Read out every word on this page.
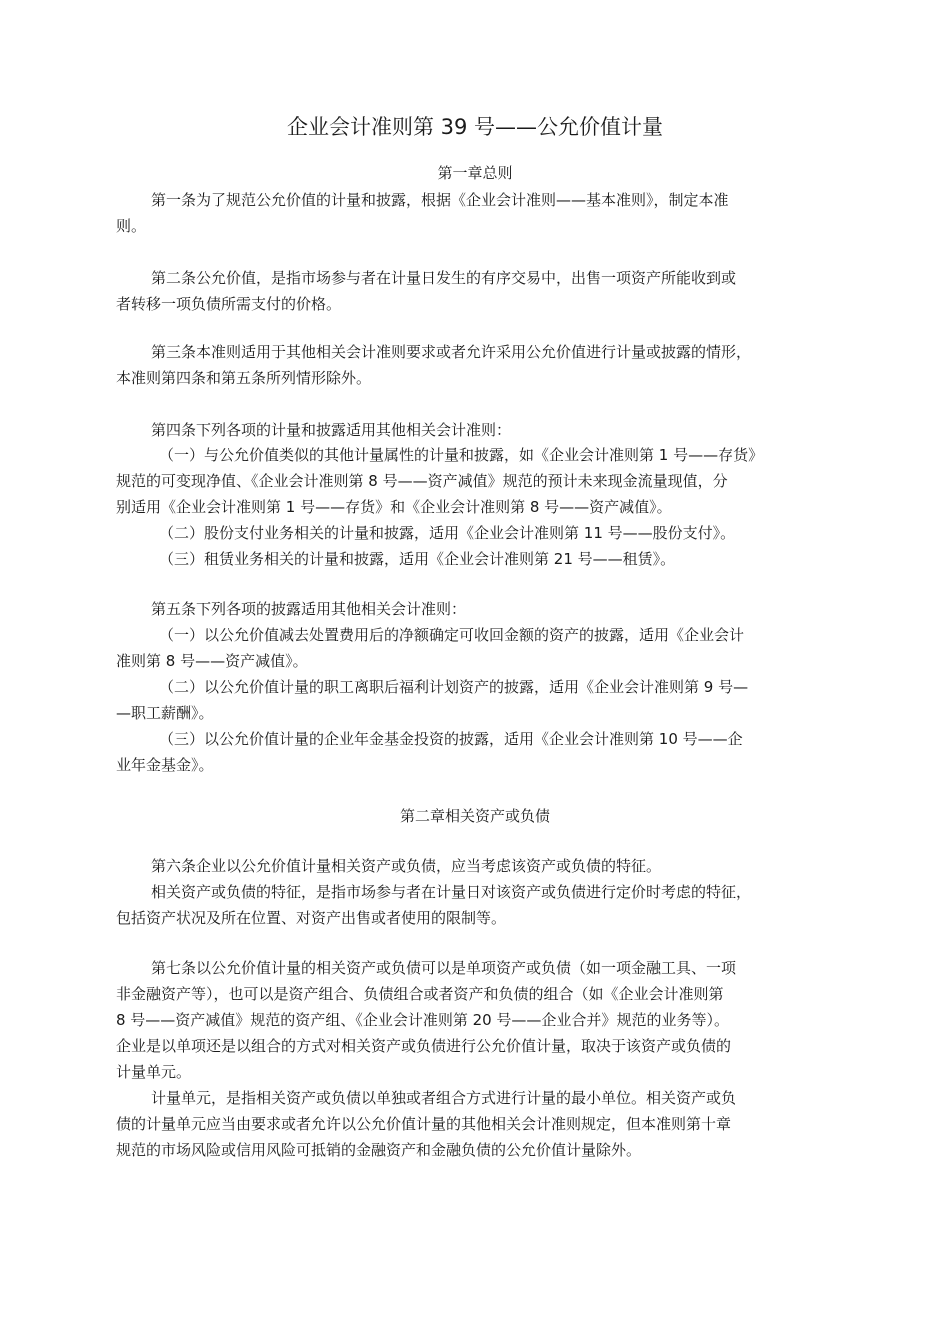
企业会计准则第 39 号——公允价值计量
第一章总则
第一条为了规范公允价值的计量和披露，根据《企业会计准则——基本准则》，制定本准
则。
第二条公允价值，是指市场参与者在计量日发生的有序交易中，出售一项资产所能收到或
者转移一项负债所需支付的价格。
第三条本准则适用于其他相关会计准则要求或者允许采用公允价值进行计量或披露的情形，
本准则第四条和第五条所列情形除外。
第四条下列各项的计量和披露适用其他相关会计准则：
（一）与公允价值类似的其他计量属性的计量和披露，如《企业会计准则第 1 号——存货》
规范的可变现净值、《企业会计准则第 8 号——资产减值》规范的预计未来现金流量现值，分
别适用《企业会计准则第 1 号——存货》和《企业会计准则第 8 号——资产减值》。
（二）股份支付业务相关的计量和披露，适用《企业会计准则第 11 号——股份支付》。
（三）租赁业务相关的计量和披露，适用《企业会计准则第 21 号——租赁》。
第五条下列各项的披露适用其他相关会计准则：
（一）以公允价值减去处置费用后的净额确定可收回金额的资产的披露，适用《企业会计
准则第 8 号——资产减值》。
（二）以公允价值计量的职工离职后福利计划资产的披露，适用《企业会计准则第 9 号—
—职工薪酬》。
（三）以公允价值计量的企业年金基金投资的披露，适用《企业会计准则第 10 号——企
业年金基金》。
第二章相关资产或负债
第六条企业以公允价值计量相关资产或负债，应当考虑该资产或负债的特征。
相关资产或负债的特征，是指市场参与者在计量日对该资产或负债进行定价时考虑的特征，
包括资产状况及所在位置、对资产出售或者使用的限制等。
第七条以公允价值计量的相关资产或负债可以是单项资产或负债（如一项金融工具、一项
非金融资产等），也可以是资产组合、负债组合或者资产和负债的组合（如《企业会计准则第
8 号——资产减值》规范的资产组、《企业会计准则第 20 号——企业合并》规范的业务等）。
企业是以单项还是以组合的方式对相关资产或负债进行公允价值计量，取决于该资产或负债的
计量单元。
计量单元，是指相关资产或负债以单独或者组合方式进行计量的最小单位。相关资产或负
债的计量单元应当由要求或者允许以公允价值计量的其他相关会计准则规定，但本准则第十章
规范的市场风险或信用风险可抵销的金融资产和金融负债的公允价值计量除外。
